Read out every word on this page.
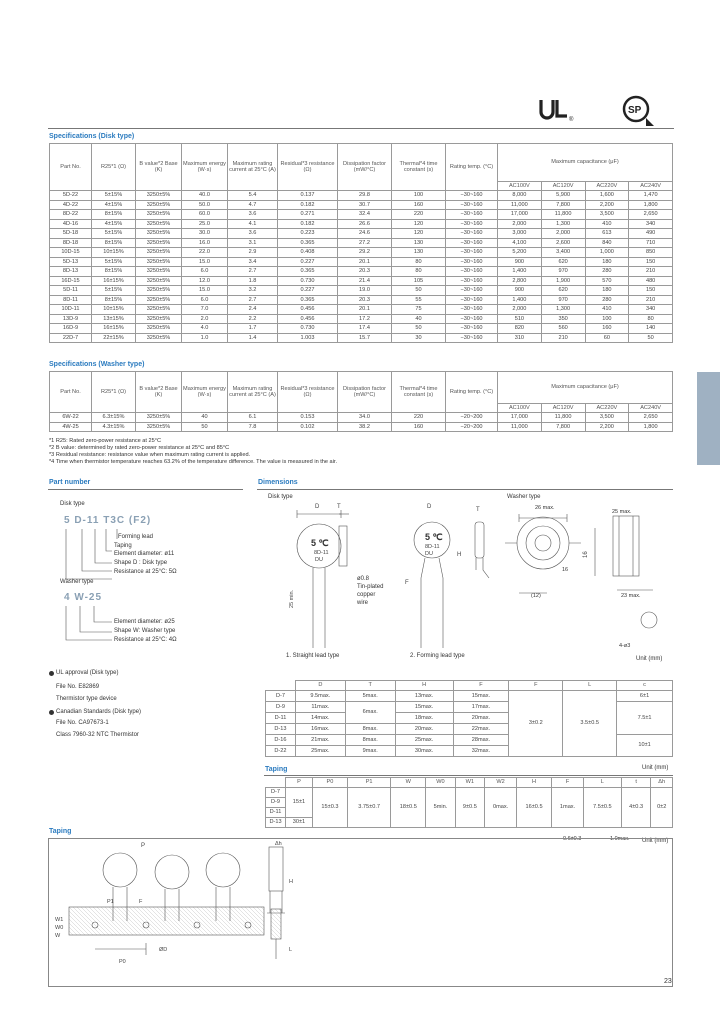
®
SP
Specifications (Disk type)
Part No.	R25*1 (Ω)	B value*2 Base (K)	Maximum energy (W·s)	Maximum rating current at 25°C (A)	Residual*3 resistance (Ω)	Dissipation factor (mW/°C)	Thermal*4 time constant (s)	Rating temp. (°C)	Maximum capacitance (μF)			
									AC100V	AC120V	AC220V	AC240V
5D-22	5±15%	3250±5%	40.0	5.4	0.137	29.8	100	−30~160	8,000	5,900	1,600	1,470
4D-22	4±15%	3250±5%	50.0	4.7	0.182	30.7	160	−30~160	11,000	7,800	2,200	1,800
8D-22	8±15%	3250±5%	60.0	3.6	0.271	32.4	220	−30~160	17,000	11,800	3,500	2,650
4D-16	4±15%	3250±5%	25.0	4.1	0.182	26.6	120	−30~160	2,000	1,300	410	340
5D-18	5±15%	3250±5%	30.0	3.6	0.223	24.6	120	−30~160	3,000	2,000	613	490
8D-18	8±15%	3250±5%	16.0	3.1	0.365	27.2	130	−30~160	4,100	2,600	840	710
10D-15	10±15%	3250±5%	22.0	2.9	0.408	29.2	130	−30~160	5,200	3,400	1,000	850
5D-13	5±15%	3250±5%	15.0	3.4	0.227	20.1	80	−30~160	900	620	180	150
8D-13	8±15%	3250±5%	6.0	2.7	0.365	20.3	80	−30~160	1,400	970	280	210
16D-15	16±15%	3250±5%	12.0	1.8	0.730	21.4	105	−30~160	2,800	1,900	570	480
5D-11	5±15%	3250±5%	15.0	3.2	0.227	19.0	50	−30~160	900	620	180	150
8D-11	8±15%	3250±5%	6.0	2.7	0.365	20.3	55	−30~160	1,400	970	280	210
10D-11	10±15%	3250±5%	7.0	2.4	0.456	20.1	75	−30~160	2,000	1,300	410	340
13D-9	13±15%	3250±5%	2.0	2.2	0.456	17.2	40	−30~160	510	350	100	80
16D-9	16±15%	3250±5%	4.0	1.7	0.730	17.4	50	−30~160	820	560	160	140
22D-7	22±15%	3250±5%	1.0	1.4	1.003	15.7	30	−30~160	310	210	60	50
Specifications (Washer type)
Part No.	R25*1 (Ω)	B value*2 Base (K)	Maximum energy (W·s)	Maximum rating current at 25°C (A)	Residual*3 resistance (Ω)	Dissipation factor (mW/°C)	Thermal*4 time constant (s)	Rating temp. (°C)	Maximum capacitance (μF)			
									AC100V	AC120V	AC220V	AC240V
6W-22	6.3±15%	3250±5%	40	6.1	0.153	34.0	220	−20~200	17,000	11,800	3,500	2,650
4W-25	4.3±15%	3250±5%	50	7.8	0.102	38.2	160	−20~200	11,000	7,800	2,200	1,800
*1 R25: Rated zero-power resistance at 25°C
*2 B value: determined by rated zero-power resistance at 25°C and 85°C
*3 Residual resistance: resistance value when maximum rating current is applied.
*4 Time when thermistor temperature reaches 63.2% of the temperature difference. The value is measured in the air.
Part number
Disk type
5 D-11 T3C (F2)
Forming lead
Taping
Element diameter: ø11
Shape D : Disk type
Resistance at 25°C: 5Ω
Washer type
4 W-25
Element diameter: ø25
Shape W: Washer type
Resistance at 25°C: 4Ω
UL approval (Disk type)
File No. E82869
Thermistor type device
Canadian Standards (Disk type)
File No. CA97673-1
Class 7960-32 NTC Thermistor
Dimensions
Disk type	Washer type
D	T	D	T
5 ℃
8D-11
DU
5 ℃
8D-11
DU
25 min.
F
H	16
ø0.8
Tin-plated
copper
wire
26 max.
25 max.
(12)	23 max.
16
4-ø3
1. Straight lead type	2. Forming lead type	Unit (mm)
	D	T	H	F	F	L	c
D-7	9.5max.	5max.	13max.	15max.	3±0.2	3.5±0.5	6±1
D-9	11max.	6max.	15max.	17max.			7.5±1
D-11	14max.		18max.	20max.			
D-13	16max.	8max.	20max.	22max.			
D-16	21max.	8max.	25max.	28max.			10±1
D-22	25max.	9max.	30max.	32max.			
Taping	Unit (mm)
	P	P0	P1	W	W0	W1	W2	H	F	L	t	Δh
D-7	15±1	15±0.3	3.75±0.7	18±0.5	5min.	9±0.5	0max.	16±0.5	1max.	7.5±0.5	4±0.3	0±2
D-9												
D-11												
D-13	30±1											
0.6±0.3	1.0max.
Taping
Unit (mm)
P
P1	F
W1
W0
W
P0
ØD
Δh
H
L
23
